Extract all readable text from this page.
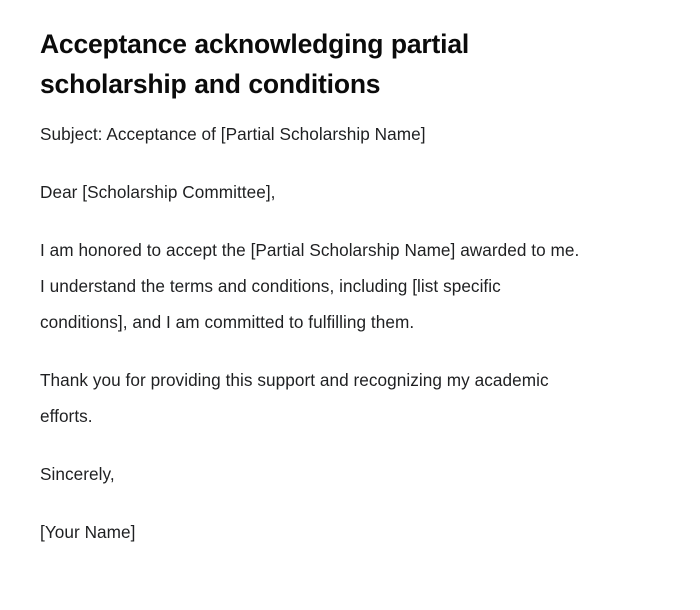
Acceptance acknowledging partial scholarship and conditions

Subject: Acceptance of [Partial Scholarship Name]

Dear [Scholarship Committee],

I am honored to accept the [Partial Scholarship Name] awarded to me. I understand the terms and conditions, including [list specific conditions], and I am committed to fulfilling them.

Thank you for providing this support and recognizing my academic efforts.

Sincerely,

[Your Name]
